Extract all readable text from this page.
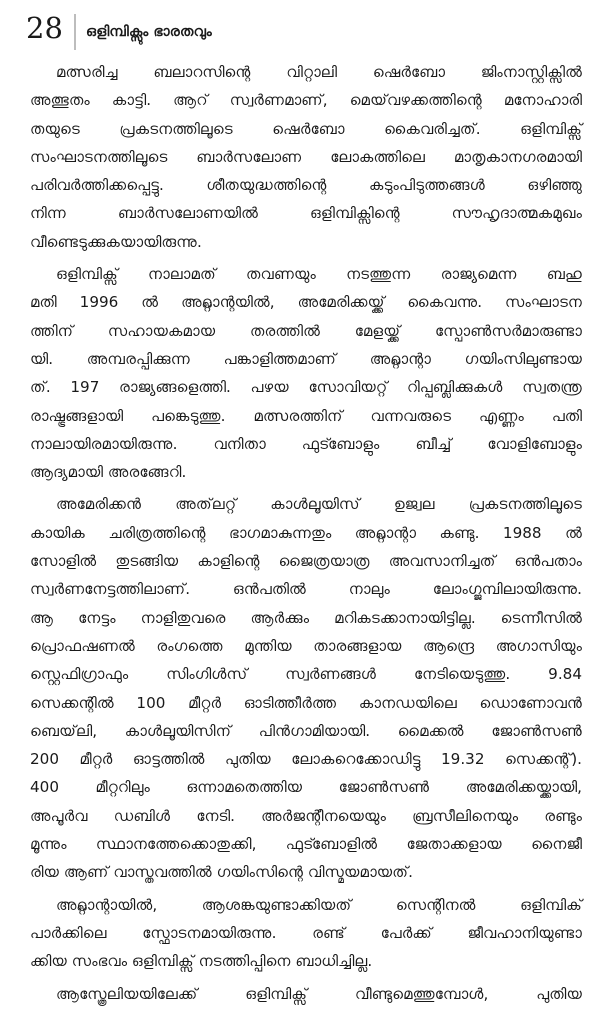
28 ഒളിമ്പിക്സും ഭാരതവും
മത്സരിച്ച ബലാറസിന്റെ വിറ്റാലി ഷെർബോ ജിംനാസ്റ്റിക്സിൽ
അത്ഭുതം കാട്ടി. ആറ് സ്വർണമാണ്, മെയ്‌വഴക്കത്തിന്റെ മനോഹാരി
തയുടെ പ്രകടനത്തിലൂടെ ഷെർബോ കൈവരിച്ചത്. ഒളിമ്പിക്സ്
സംഘാടനത്തിലൂടെ ബാർസലോണ ലോകത്തിലെ മാതൃകാനഗരമായി
പരിവർത്തിക്കപ്പെട്ടു. ശീതയുദ്ധത്തിന്റെ കടുംപിടുത്തങ്ങൾ ഒഴിഞ്ഞു
നിന്ന ബാർസലോണയിൽ ഒളിമ്പിക്സിന്റെ സൗഹൃദാത്മകമുഖം
വീണ്ടെടുക്കുകയായിരുന്നു.
ഒളിമ്പിക്സ് നാലാമത് തവണയും നടത്തുന്ന രാജ്യമെന്ന ബഹു
മതി 1996 ൽ അറ്റ്ലാന്റയിൽ, അമേരിക്കയ്ക്ക് കൈവന്നു. സംഘാടന
ത്തിന് സഹായകമായ തരത്തിൽ മേളയ്ക്ക് സ്പോൺസർമാരുണ്ടാ
യി. അമ്പരപ്പിക്കുന്ന പങ്കാളിത്തമാണ് അറ്റ്ലാന്റാ ഗയിംസിലുണ്ടായ
ത്. 197 രാജ്യങ്ങളെത്തി. പഴയ സോവിയറ്റ് റിപ്പബ്ലിക്കുകൾ സ്വതന്ത്ര
രാഷ്ട്രങ്ങളായി പങ്കെടുത്തു. മത്സരത്തിന് വന്നവരുടെ എണ്ണം പതി
നാലായിരമായിരുന്നു. വനിതാ ഫുട്ബോളും ബീച്ച് വോളിബോളും
ആദ്യമായി അരങ്ങേറി.
അമേരിക്കൻ അത്‌ലറ്റ് കാൾലൂയിസ് ഉജ്വല പ്രകടനത്തിലൂടെ
കായിക ചരിത്രത്തിന്റെ ഭാഗമാകുന്നതും അറ്റ്ലാന്റാ കണ്ടു. 1988 ൽ
സോളിൽ തുടങ്ങിയ കാളിന്റെ ജൈത്രയാത്ര അവസാനിച്ചത് ഒൻപതാം
സ്വർണനേട്ടത്തിലാണ്. ഒൻപതിൽ നാലും ലോംഗ്ജമ്പിലായിരുന്നു.
ആ നേട്ടം നാളിതുവരെ ആർക്കും മറികടക്കാനായിട്ടില്ല. ടെന്നീസിൽ
പ്രൊഫഷണൽ രംഗത്തെ മുന്തിയ താരങ്ങളായ ആന്ദ്രെ അഗാസിയും
സ്റ്റെഫിഗ്രാഫും സിംഗിൾസ് സ്വർണങ്ങൾ നേടിയെടുത്തു. 9.84
സെക്കന്റിൽ 100 മീറ്റർ ഓടിത്തീർത്ത കാനഡയിലെ ഡൊണോവൻ
ബെയ്‌ലി, കാൾലൂയിസിന് പിൻഗാമിയായി. മൈക്കൽ ജോൺസൺ
200 മീറ്റർ ഓട്ടത്തിൽ പുതിയ ലോകറെക്കോഡിട്ടു 19.32 സെക്കന്റ്).
400 മീറ്ററിലും ഒന്നാമതെത്തിയ ജോൺസൺ അമേരിക്കയ്ക്കായി,
അപൂർവ ഡബിൾ നേടി. അർജന്റീനയെയും ബ്രസീലിനെയും രണ്ടും
മൂന്നും സ്ഥാനത്തേക്കൊതുക്കി, ഫുട്ബോളിൽ ജേതാക്കളായ നൈജീ
രിയ ആണ് വാസ്തവത്തിൽ ഗയിംസിന്റെ വിസ്മയമായത്.
അറ്റ്ലാന്റായിൽ, ആശങ്കയുണ്ടാക്കിയത് സെന്റിനൽ ഒളിമ്പിക്
പാർക്കിലെ സ്ഫോടനമായിരുന്നു. രണ്ട് പേർക്ക് ജീവഹാനിയുണ്ടാ
ക്കിയ സംഭവം ഒളിമ്പിക്സ് നടത്തിപ്പിനെ ബാധിച്ചില്ല.
ആസ്ത്രേലിയയിലേക്ക് ഒളിമ്പിക്സ് വീണ്ടുമെത്തുമ്പോൾ, പുതിയ
